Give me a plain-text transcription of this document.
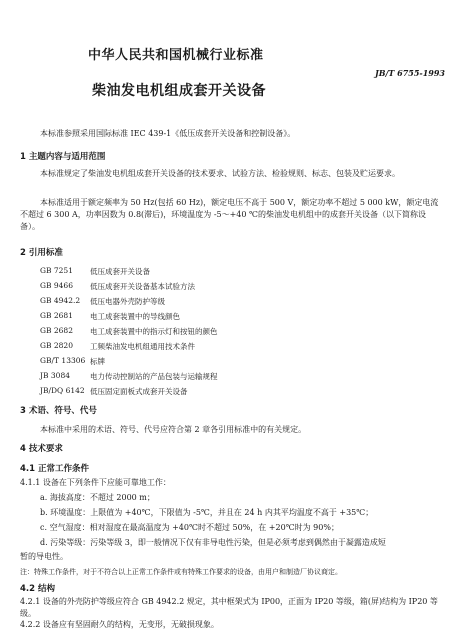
中华人民共和国机械行业标准
JB/T 6755-1993
柴油发电机组成套开关设备
本标准参照采用国际标准 IEC 439-1《低压成套开关设备和控制设备》。
1 主题内容与适用范围
本标准规定了柴油发电机组成套开关设备的技术要求、试验方法、检验规则、标志、包装及贮运要求。
本标准适用于额定频率为 50 Hz(包括 60 Hz)，额定电压不高于 500 V，额定功率不超过 5 000 kW，额定电流不超过 6 300 A，功率因数为 0.8(滞后)，环境温度为 -5～+40 ℃的柴油发电机组中的成套开关设备（以下简称设备）。
2 引用标准
GB 7251 低压成套开关设备
GB 9466 低压成套开关设备基本试验方法
GB 4942.2 低压电器外壳防护等级
GB 2681 电工成套装置中的导线颜色
GB 2682 电工成套装置中的指示灯和按钮的颜色
GB 2820 工频柴油发电机组通用技术条件
GB/T 13306 标牌
JB 3084	电力传动控制站的产品包装与运输规程
JB/DQ 6142 低压固定面板式成套开关设备
3 术语、符号、代号
本标准中采用的术语、符号、代号应符合第 2 章各引用标准中的有关规定。
4 技术要求
4.1 正常工作条件
4.1.1 设备在下列条件下应能可靠地工作：
a. 海拔高度：不超过 2000 m；
b. 环境温度：上限值为 +40℃，下限值为 -5℃，并且在 24 h 内其平均温度不高于 +35℃；
c. 空气湿度：相对湿度在最高温度为 +40℃时不超过 50%，在 +20℃时为 90%；
d. 污染等级：污染等级 3，即一般情况下仅有非导电性污染，但是必须考虑到偶然由于凝露造成短
暂的导电性。
注：特殊工作条件，对于不符合以上正常工作条件或有特殊工作要求的设备，由用户和制造厂协议商定。
4.2 结构
4.2.1 设备的外壳防护等级应符合 GB 4942.2 规定，其中框架式为 IP00，正面为 IP20 等级，箱(屏)结构为 IP20 等级。
4.2.2 设备应有坚固耐久的结构，无变形，无破损现象。
